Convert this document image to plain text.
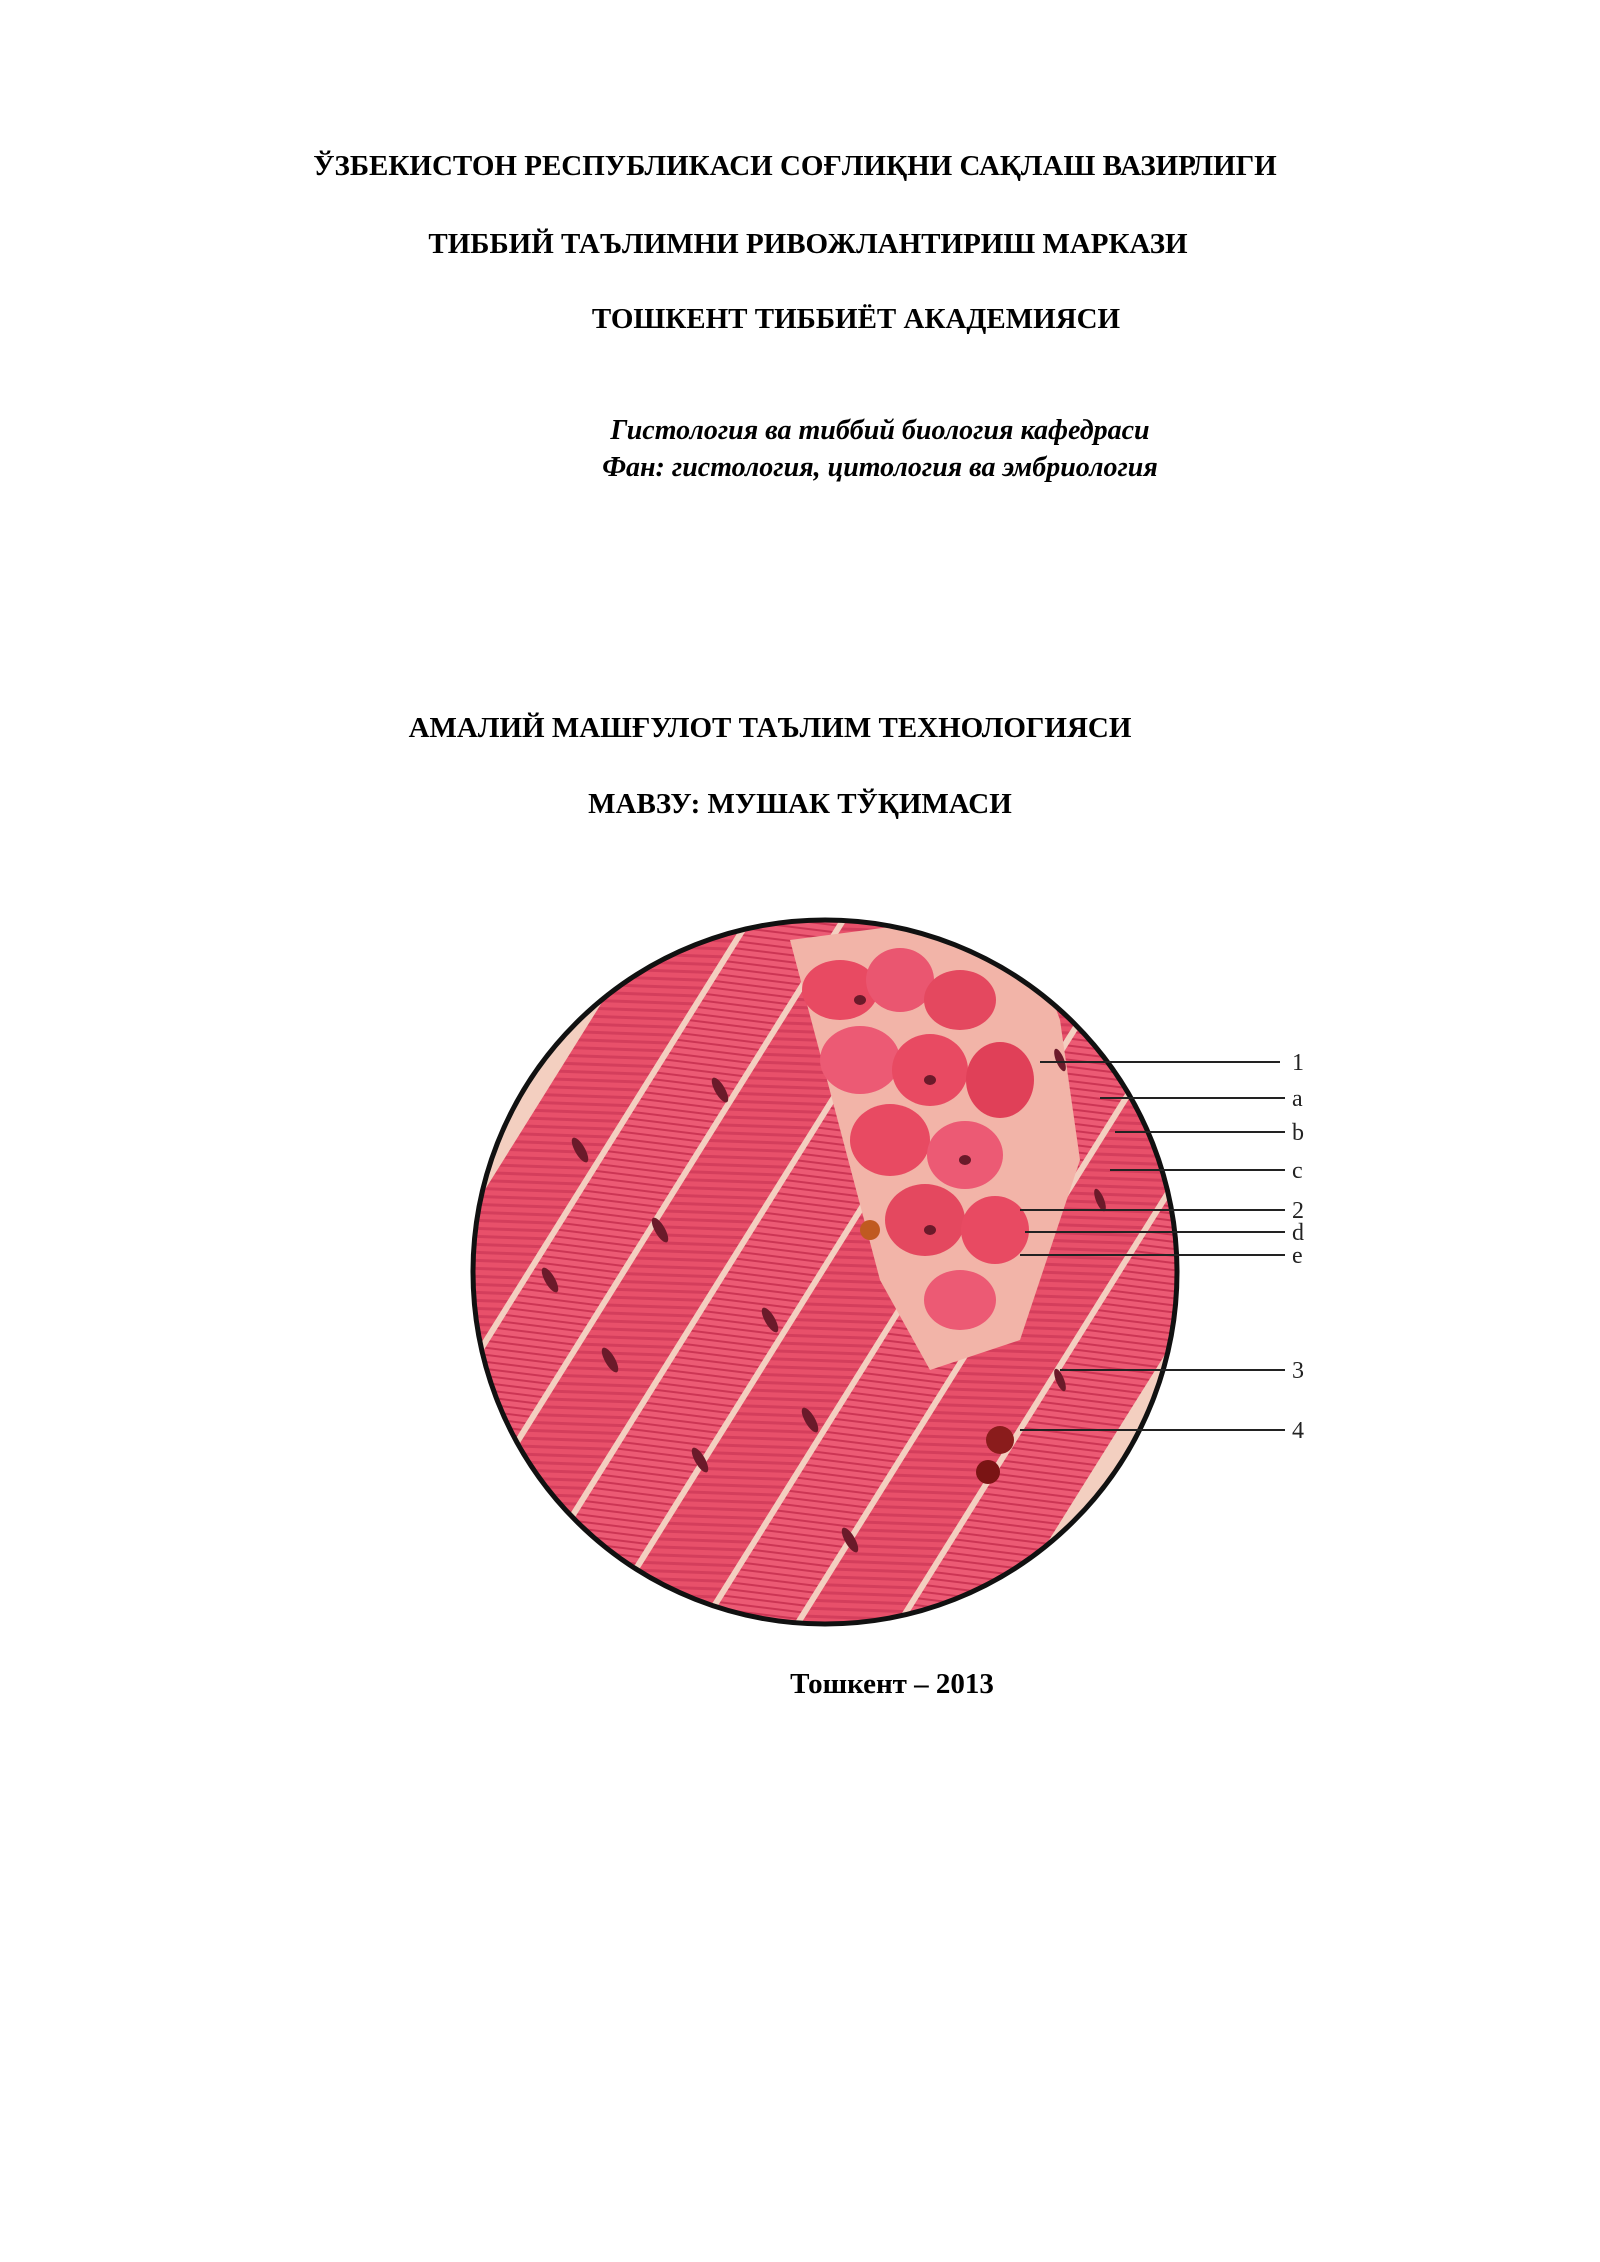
ЎЗБЕКИСТОН РЕСПУБЛИКАСИ СОҒЛИҚНИ САҚЛАШ ВАЗИРЛИГИ
ТИББИЙ ТАЪЛИМНИ РИВОЖЛАНТИРИШ МАРКАЗИ
ТОШКЕНТ ТИББИЁТ АКАДЕМИЯСИ
Гистология ва тиббий биология кафедраси
Фан: гистология, цитология ва эмбриология
АМАЛИЙ МАШҒУЛОТ ТАЪЛИМ ТЕХНОЛОГИЯСИ
МАВЗУ: МУШАК ТЎҚИМАСИ
1
a
b
c
2
d
e
3
4
Тошкент – 2013
